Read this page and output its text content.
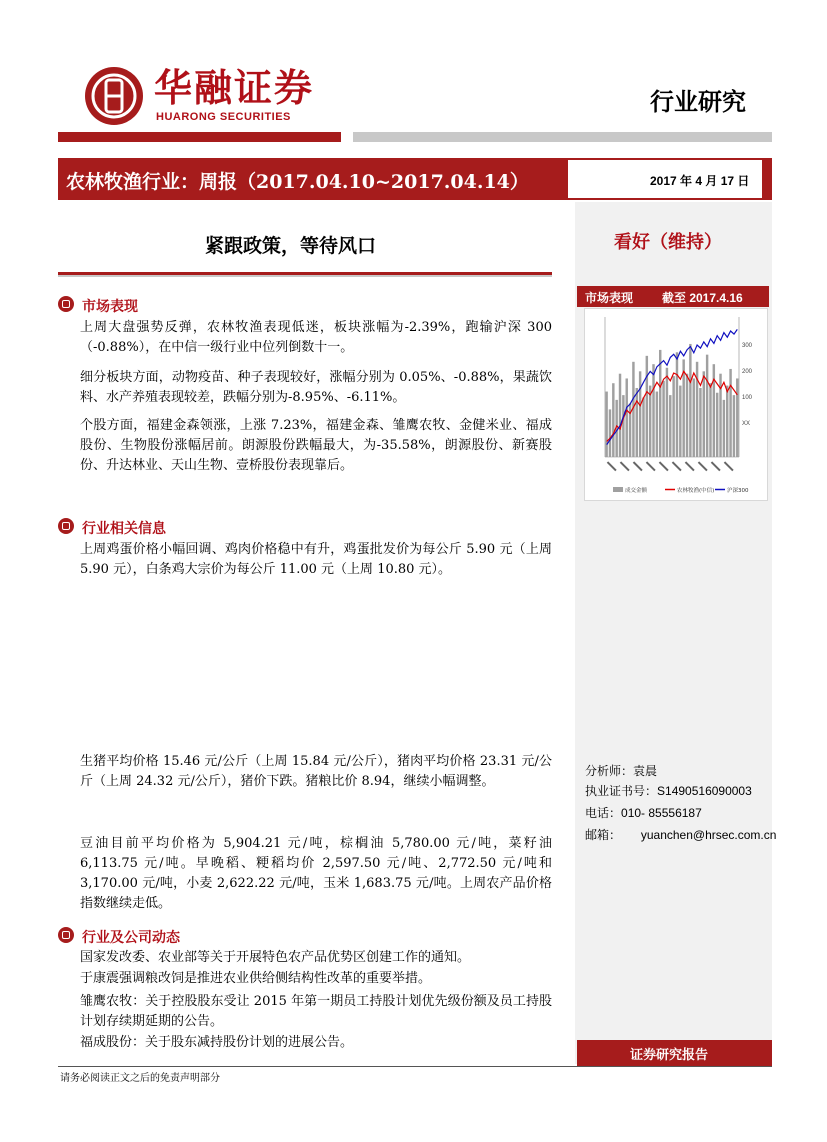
华融证券
HUARONG SECURITIES
行业研究
农林牧渔行业：周报（2017.04.10~2017.04.14）	2017 年 4 月 17 日
紧跟政策，等待风口	看好（维持）
市场表现 截至 2017.4.16
300
200
100
XX
成交金额	农林牧渔(中信) 沪深300
市场表现
上周大盘强势反弹，农林牧渔表现低迷，板块涨幅为-2.39%，跑输沪深 300（-0.88%），在中信一级行业中位列倒数十一。
细分板块方面，动物疫苗、种子表现较好，涨幅分别为 0.05%、-0.88%，果蔬饮料、水产养殖表现较差，跌幅分别为-8.95%、-6.11%。
个股方面，福建金森领涨，上涨 7.23%，福建金森、雏鹰农牧、金健米业、福成股份、生物股份涨幅居前。朗源股份跌幅最大，为-35.58%，朗源股份、新赛股份、升达林业、天山生物、壹桥股份表现靠后。
行业相关信息
上周鸡蛋价格小幅回调、鸡肉价格稳中有升，鸡蛋批发价为每公斤 5.90 元（上周 5.90 元），白条鸡大宗价为每公斤 11.00 元（上周 10.80 元）。
生猪平均价格 15.46 元/公斤（上周 15.84 元/公斤），猪肉平均价格 23.31 元/公斤（上周 24.32 元/公斤），猪价下跌。猪粮比价 8.94，继续小幅调整。
豆油目前平均价格为 5,904.21 元/吨，棕榈油 5,780.00 元/吨，菜籽油 6,113.75 元/吨。早晚稻、粳稻均价 2,597.50 元/吨、2,772.50 元/吨和 3,170.00 元/吨，小麦 2,622.22 元/吨，玉米 1,683.75 元/吨。上周农产品价格指数继续走低。
行业及公司动态
国家发改委、农业部等关于开展特色农产品优势区创建工作的通知。
于康震强调粮改饲是推进农业供给侧结构性改革的重要举措。
雏鹰农牧：关于控股股东受让 2015 年第一期员工持股计划优先级份额及员工持股计划存续期延期的公告。
福成股份：关于股东减持股份计划的进展公告。
分析师：袁晨
执业证书号：S1490516090003
电话：010- 85556187
邮箱： yuanchen@hrsec.com.cn
证券研究报告
请务必阅读正文之后的免责声明部分
